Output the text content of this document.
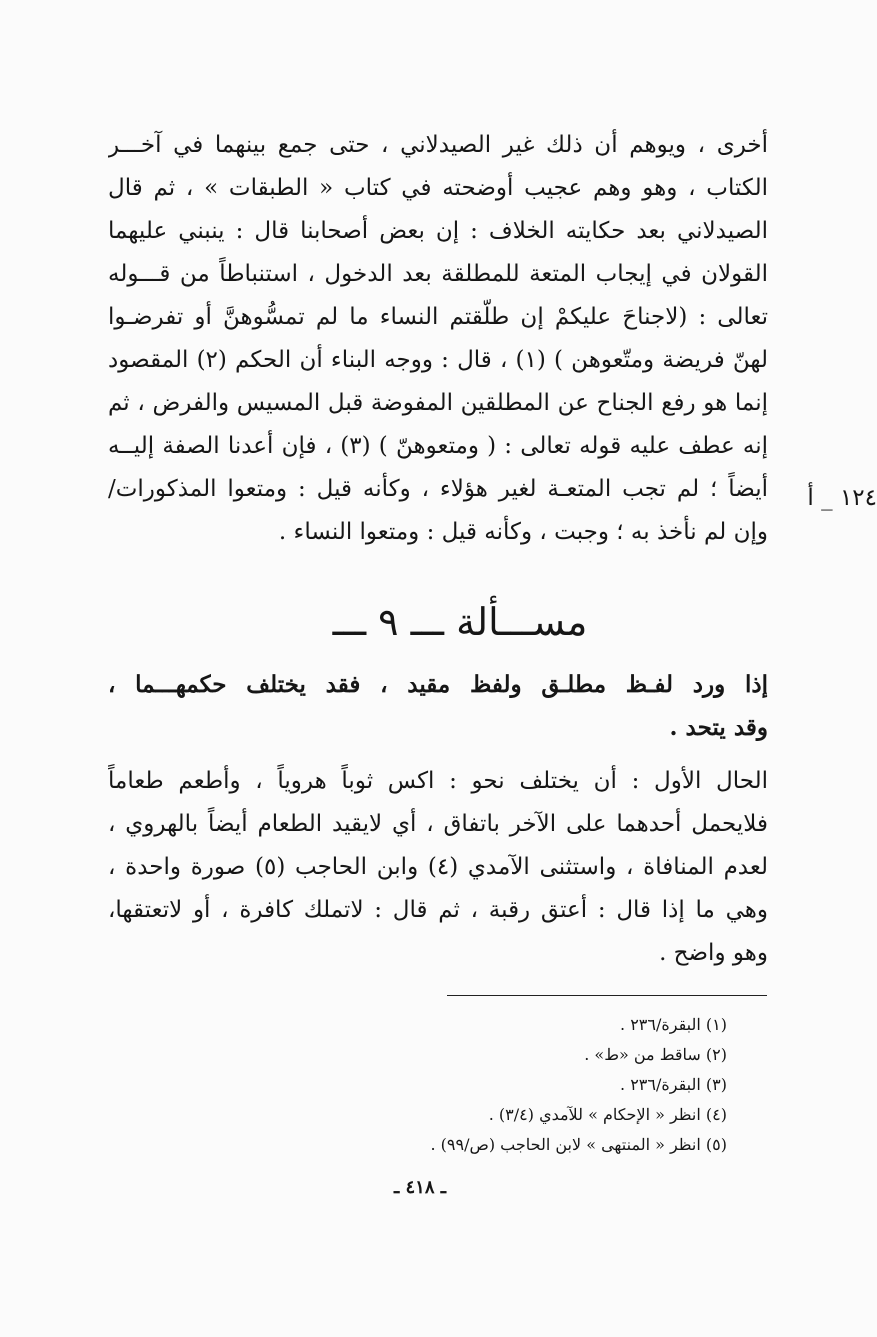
أخرى ، ويوهم أن ذلك غير الصيدلاني ، حتى جمع بينهما في آخـــر
الكتاب ، وهو وهم عجيب أوضحته في كتاب « الطبقات » ، ثم قال
الصيدلاني بعد حكايته الخلاف : إن بعض أصحابنا قال : ينبني عليهما
القولان في إيجاب المتعة للمطلقة بعد الدخول ، استنباطاً من قـــوله
تعالى : (لاجناحَ عليكمْ إن طلّقتم النساء ما لم تمسُّوهنَّ أو تفرضـوا
لهنّ فريضة ومتّعوهن ) (١) ، قال : ووجه البناء أن الحكم (٢) المقصود
إنما هو رفع الجناح عن المطلقين المفوضة قبل المسيس والفرض ، ثم
إنه عطف عليه قوله تعالى : ( ومتعوهنّ ) (٣) ، فإن أعدنا الصفة إليــه
أيضاً ؛ لم تجب المتعـة لغير هؤلاء ، وكأنه قيل : ومتعوا المذكورات/
وإن لم نأخذ به ؛ وجبت ، وكأنه قيل : ومتعوا النساء .
١٢٤ _ أ
مســـألة ـــ ٩ ـــ
إذا ورد لفـظ مطلـق ولفظ مقيد ، فقد يختلف حكمهـــما ،
وقد يتحد .
الحال الأول : أن يختلف نحو : اكس ثوباً هروياً ، وأطعم طعاماً
فلايحمل أحدهما على الآخر باتفاق ، أي لايقيد الطعام أيضاً بالهروي ،
لعدم المنافاة ، واستثنى الآمدي (٤) وابن الحاجب (٥) صورة واحدة ،
وهي ما إذا قال : أعتق رقبة ، ثم قال : لاتملك كافرة ، أو لاتعتقها،
وهو واضح .
(١) البقرة/٢٣٦ .
(٢) ساقط من «ط» .
(٣) البقرة/٢٣٦ .
(٤) انظر « الإحكام » للآمدي (٣/٤) .
(٥) انظر « المنتهى » لابن الحاجب (ص/٩٩) .
ـ ٤١٨ ـ
